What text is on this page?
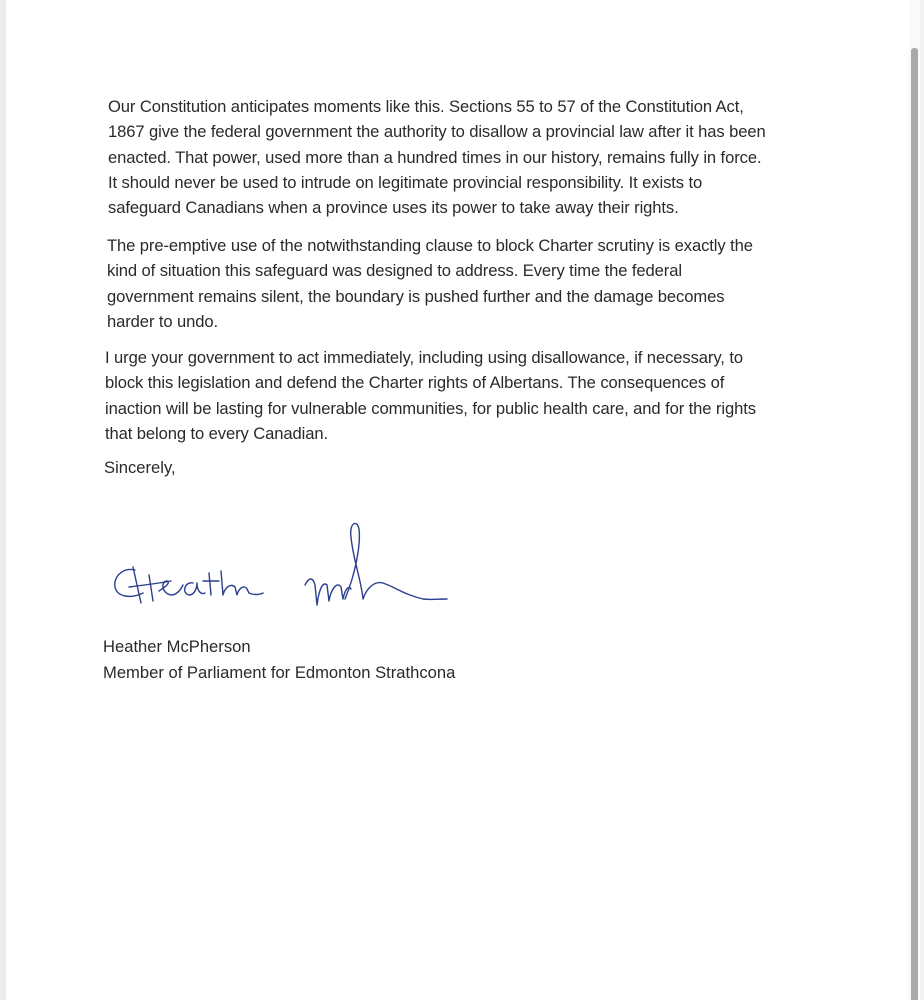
Our Constitution anticipates moments like this. Sections 55 to 57 of the Constitution Act,
1867 give the federal government the authority to disallow a provincial law after it has been
enacted. That power, used more than a hundred times in our history, remains fully in force.
It should never be used to intrude on legitimate provincial responsibility. It exists to
safeguard Canadians when a province uses its power to take away their rights.

The pre-emptive use of the notwithstanding clause to block Charter scrutiny is exactly the
kind of situation this safeguard was designed to address. Every time the federal
government remains silent, the boundary is pushed further and the damage becomes
harder to undo.

I urge your government to act immediately, including using disallowance, if necessary, to
block this legislation and defend the Charter rights of Albertans. The consequences of
inaction will be lasting for vulnerable communities, for public health care, and for the rights
that belong to every Canadian.

Sincerely,

Heather McPherson

Member of Parliament for Edmonton Strathcona
